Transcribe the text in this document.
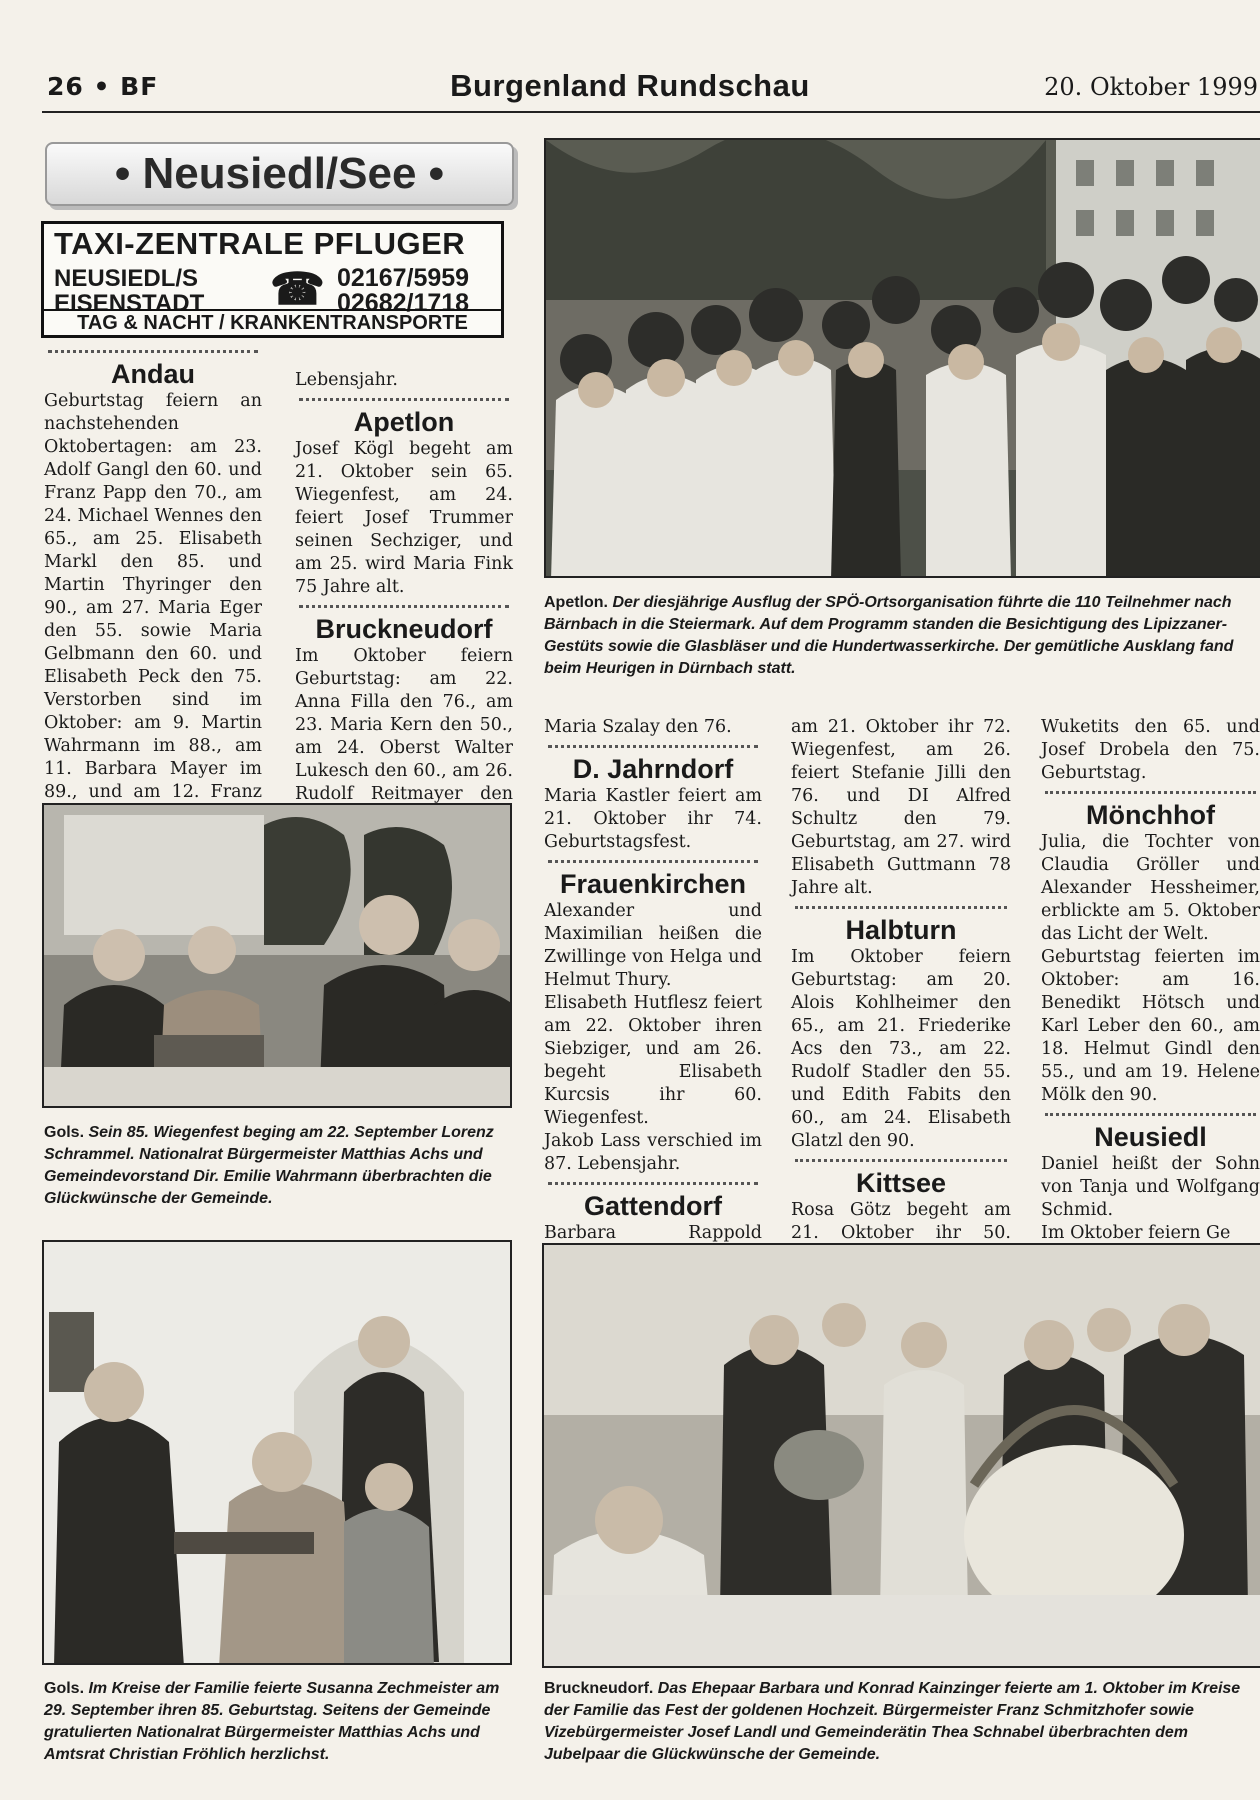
26 • BF	Burgenland Rundschau	20. Oktober 1999
• Neusiedl/See •
TAXI-ZENTRALE PFLUGER
NEUSIEDL/S	02167/5959
EISENSTADT	02682/1718
☎
TAG & NACHT / KRANKENTRANSPORTE
Andau

Geburtstag feiern an nachstehenden Oktobertagen: am 23. Adolf Gangl den 60. und Franz Papp den 70., am 24. Michael Wennes den 65., am 25. Elisabeth Markl den 85. und Martin Thyringer den 90., am 27. Maria Eger den 55. sowie Maria Gelbmann den 60. und Elisabeth Peck den 75. Verstorben sind im Oktober: am 9. Martin Wahrmann im 88., am 11. Barbara Mayer im 89., und am 12. Franz

Lebensjahr.

Apetlon

Josef Kögl begeht am 21. Oktober sein 65. Wiegenfest, am 24. feiert Josef Trummer seinen Sechziger, und am 25. wird Maria Fink 75 Jahre alt.

Bruckneudorf

Im Oktober feiern Geburtstag: am 22. Anna Filla den 76., am 23. Maria Kern den 50., am 24. Oberst Walter Lukesch den 60., am 26. Rudolf Reitmayer den

Apetlon. Der diesjährige Ausflug der SPÖ-Ortsorganisation führte die 110 Teilnehmer nach Bärnbach in die Steiermark. Auf dem Programm standen die Besichtigung des Lipizzaner-Gestüts sowie die Glasbläser und die Hundertwasserkirche. Der gemütliche Ausklang fand beim Heurigen in Dürnbach statt.

Maria Szalay den 76.

D. Jahrndorf

Maria Kastler feiert am 21. Oktober ihr 74. Geburtstagsfest.

Frauenkirchen

Alexander und Maximilian heißen die Zwillinge von Helga und Helmut Thury.

Elisabeth Hutflesz feiert am 22. Oktober ihren Siebziger, und am 26. begeht Elisabeth Kurcsis ihr 60. Wiegenfest.

Jakob Lass verschied im 87. Lebensjahr.

Gattendorf

Barbara Rappold

am 21. Oktober ihr 72. Wiegenfest, am 26. feiert Stefanie Jilli den 76. und DI Alfred Schultz den 79. Geburtstag, am 27. wird Elisabeth Guttmann 78 Jahre alt.

Halbturn

Im Oktober feiern Geburtstag: am 20. Alois Kohlheimer den 65., am 21. Friederike Acs den 73., am 22. Rudolf Stadler den 55. und Edith Fabits den 60., am 24. Elisabeth Glatzl den 90.

Kittsee

Rosa Götz begeht am 21. Oktober ihr 50.

Wuketits den 65. und Josef Drobela den 75. Geburtstag.

Mönchhof

Julia, die Tochter von Claudia Gröller und Alexander Hessheimer, erblickte am 5. Oktober das Licht der Welt.

Geburtstag feierten im Oktober: am 16. Benedikt Hötsch und Karl Leber den 60., am 18. Helmut Gindl den 55., und am 19. Helene Mölk den 90.

Neusiedl

Daniel heißt der Sohn von Tanja und Wolfgang Schmid.

Im Oktober feiern Ge

Gols. Sein 85. Wiegenfest beging am 22. September Lorenz Schrammel. Nationalrat Bürgermeister Matthias Achs und Gemeindevorstand Dir. Emilie Wahrmann überbrachten die Glückwünsche der Gemeinde.
Gols. Im Kreise der Familie feierte Susanna Zechmeister am 29. September ihren 85. Geburtstag. Seitens der Gemeinde gratulierten Nationalrat Bürgermeister Matthias Achs und Amtsrat Christian Fröhlich herzlichst.
Bruckneudorf. Das Ehepaar Barbara und Konrad Kainzinger feierte am 1. Oktober im Kreise der Familie das Fest der goldenen Hochzeit. Bürgermeister Franz Schmitzhofer sowie Vizebürgermeister Josef Landl und Gemeinderätin Thea Schnabel überbrachten dem Jubelpaar die Glückwünsche der Gemeinde.
